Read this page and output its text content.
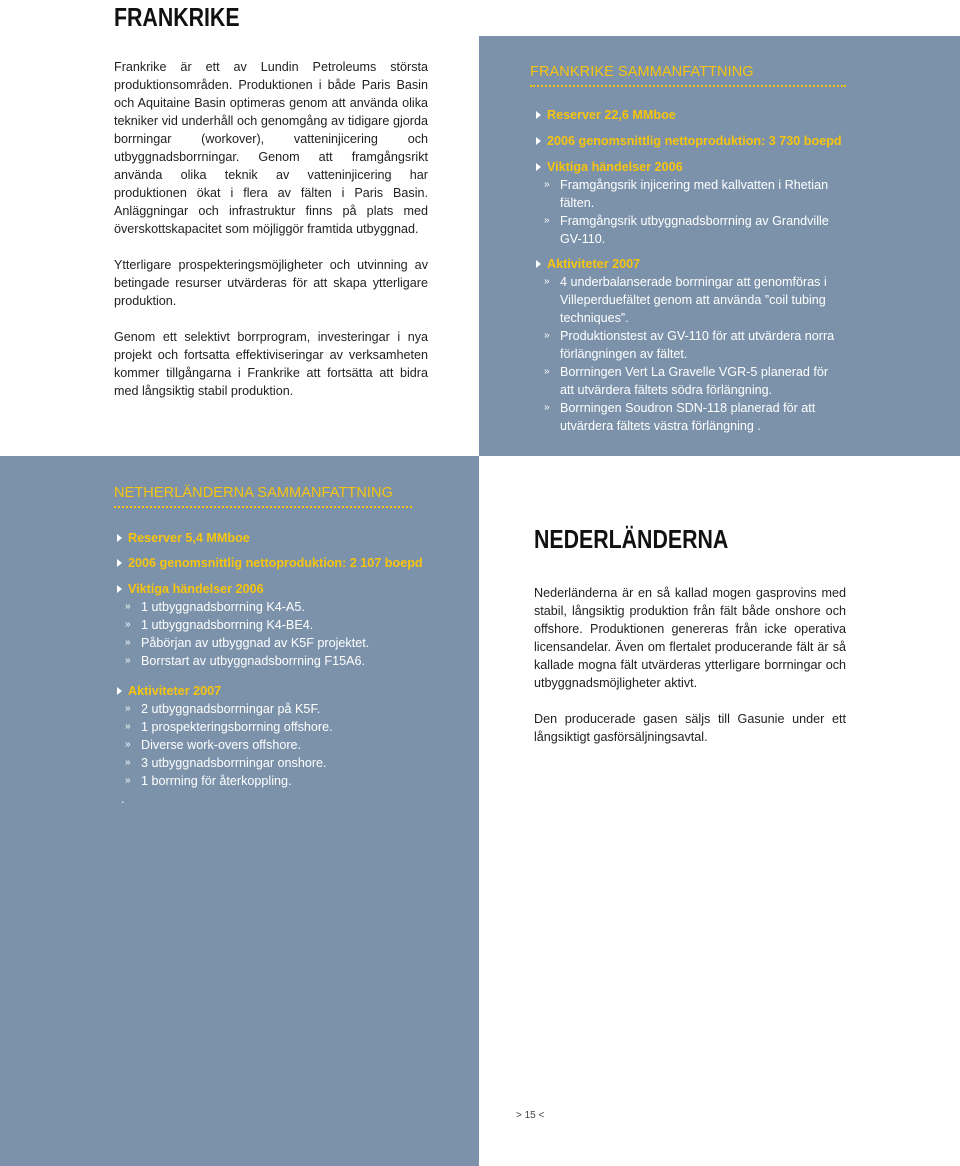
FRANKRIKE

Frankrike är ett av Lundin Petroleums största produktionsområden. Produktionen i både Paris Basin och Aquitaine Basin optimeras genom att använda olika tekniker vid underhåll och genomgång av tidigare gjorda borrningar (workover), vatteninjicering och utbyggnadsborrningar. Genom att framgångsrikt använda olika teknik av vatteninjicering har produktionen ökat i flera av fälten i Paris Basin. Anläggningar och infrastruktur finns på plats med överskottskapacitet som möjliggör framtida utbyggnad.

Ytterligare prospekteringsmöjligheter och utvinning av betingade resurser utvärderas för att skapa ytterligare produktion.

Genom ett selektivt borrprogram, investeringar i nya projekt och fortsatta effektiviseringar av verksamheten kommer tillgångarna i Frankrike att fortsätta att bidra med långsiktig stabil produktion.

FRANKRIKE SAMMANFATTNING
Reserver 22,6 MMboe
2006 genomsnittlig nettoproduktion: 3 730 boepd
Viktiga händelser 2006
» Framgångsrik injicering med kallvatten i Rhetian fälten.
» Framgångsrik utbyggnadsborrning av Grandville GV-110.
Aktiviteter 2007
» 4 underbalanserade borrningar att genomföras i Villeperduefältet genom att använda ”coil tubing techniques”.
» Produktionstest av GV-110 för att utvärdera norra förlängningen av fältet.
» Borrningen Vert La Gravelle VGR-5 planerad för att utvärdera fältets södra förlängning.
» Borrningen Soudron SDN-118 planerad för att utvärdera fältets västra förlängning .
NETHERLÄNDERNA SAMMANFATTNING
Reserver 5,4 MMboe
2006 genomsnittlig nettoproduktion: 2 107 boepd
Viktiga händelser 2006
» 1 utbyggnadsborrning K4-A5.
» 1 utbyggnadsborrning K4-BE4.
» Påbörjan av utbyggnad av K5F projektet.
» Borrstart av utbyggnadsborrning F15A6.
Aktiviteter 2007
» 2 utbyggnadsborrningar på K5F.
» 1 prospekteringsborrning offshore.
» Diverse work-overs offshore.
» 3 utbyggnadsborrningar onshore.
» 1 borrning för återkoppling.
.
NEDERLÄNDERNA

Nederländerna är en så kallad mogen gasprovins med stabil, långsiktig produktion från fält både onshore och offshore. Produktionen genereras från icke operativa licensandelar. Även om flertalet producerande fält är så kallade mogna fält utvärderas ytterligare borrningar och utbyggnadsmöjligheter aktivt.

Den producerade gasen säljs till Gasunie under ett långsiktigt gasförsäljningsavtal.

> 15 <
